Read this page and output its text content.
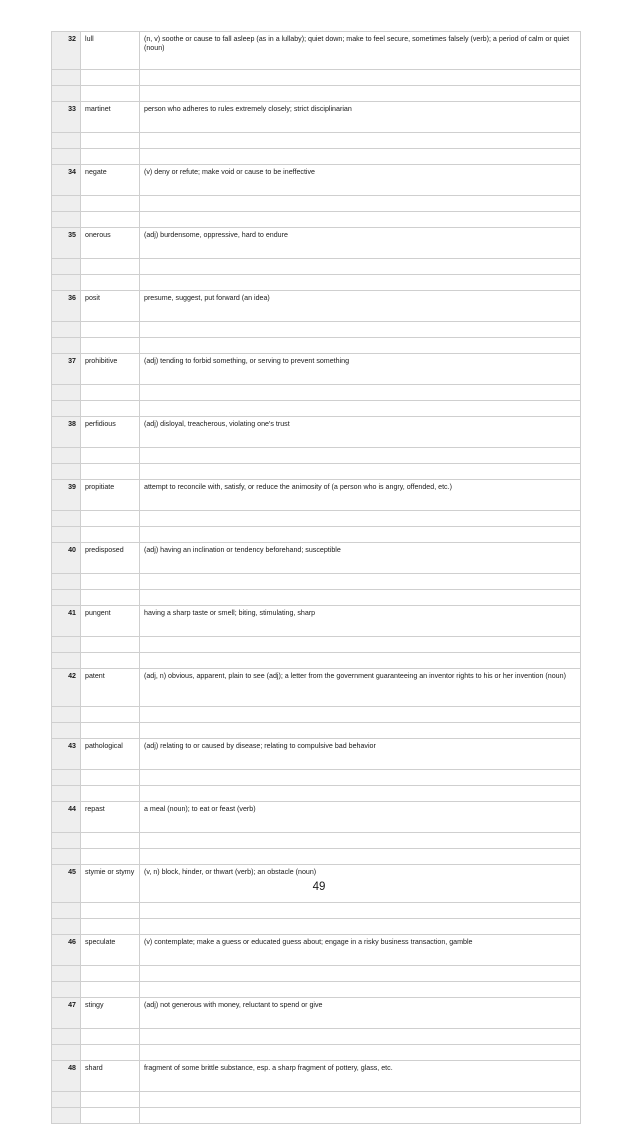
32	lull	(n, v) soothe or cause to fall asleep (as in a lullaby); quiet down; make to feel secure, sometimes falsely (verb); a period of calm or quiet (noun)

33	martinet	person who adheres to rules extremely closely; strict disciplinarian

34	negate	(v) deny or refute; make void or cause to be ineffective

35	onerous	(adj) burdensome, oppressive, hard to endure

36	posit	presume, suggest, put forward (an idea)

37	prohibitive	(adj) tending to forbid something, or serving to prevent something

38	perfidious	(adj) disloyal, treacherous, violating one's trust

39	propitiate	attempt to reconcile with, satisfy, or reduce the animosity of (a person who is angry, offended, etc.)

40	predisposed	(adj) having an inclination or tendency beforehand; susceptible

41	pungent	having a sharp taste or smell; biting, stimulating, sharp

42	patent	(adj, n) obvious, apparent, plain to see (adj); a letter from the government guaranteeing an inventor rights to his or her invention (noun)

43	pathological	(adj) relating to or caused by disease; relating to compulsive bad behavior

44	repast	a meal (noun); to eat or feast (verb)

45	stymie or stymy	(v, n) block, hinder, or thwart (verb); an obstacle (noun)

46	speculate	(v) contemplate; make a guess or educated guess about; engage in a risky business transaction, gamble

47	stingy	(adj) not generous with money, reluctant to spend or give

48	shard	fragment of some brittle substance, esp. a sharp fragment of pottery, glass, etc.

49
